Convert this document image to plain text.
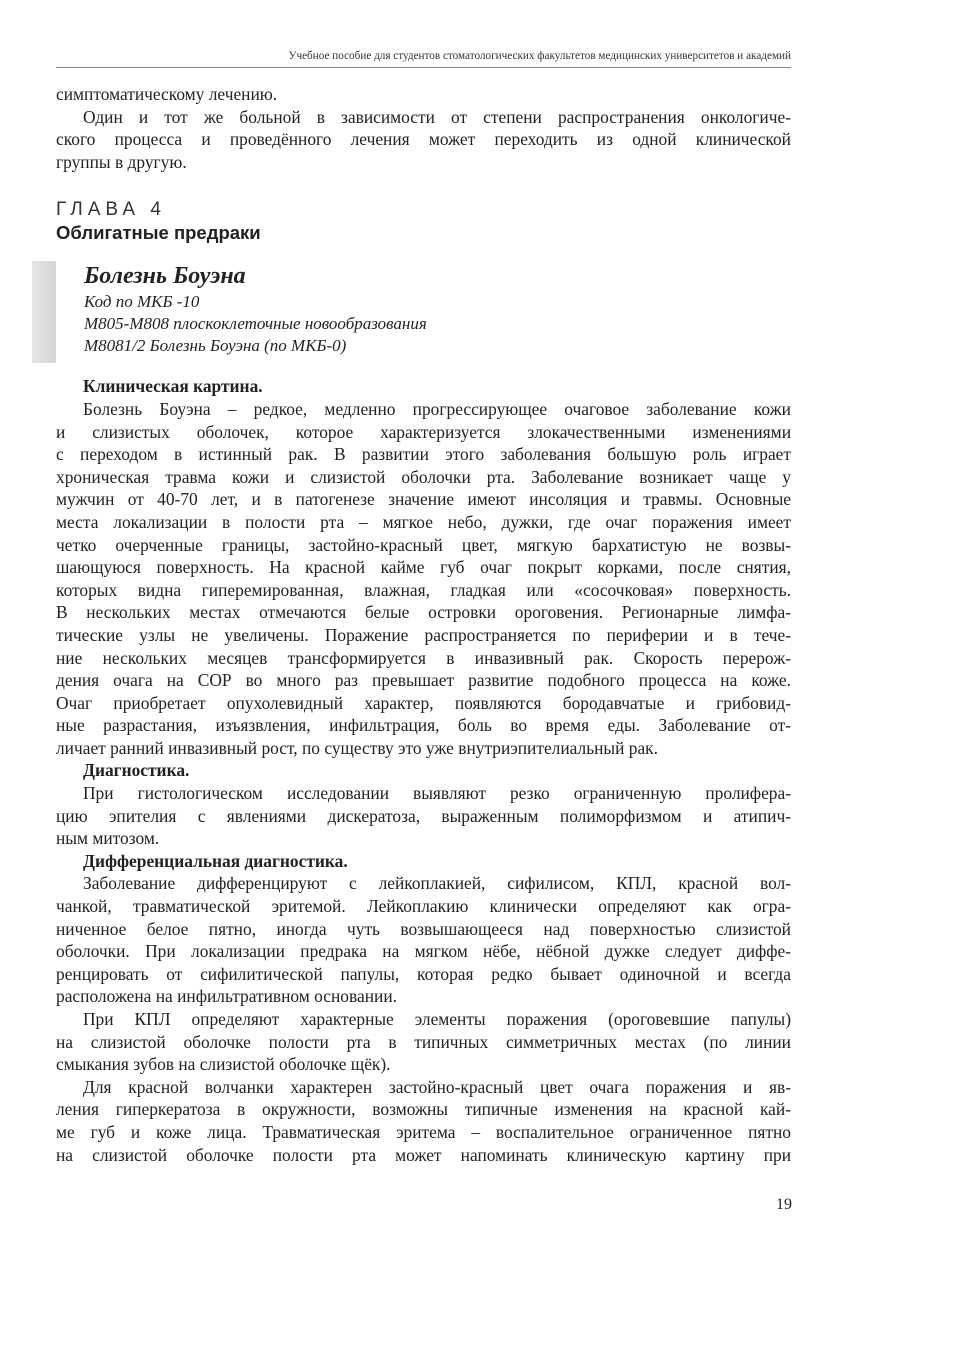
Учебное пособие для студентов стоматологических факультетов медицинских университетов и академий

симптоматическому лечению.

Один и тот же больной в зависимости от степени распространения онкологиче-
ского процесса и проведённого лечения может переходить из одной клинической
группы в другую.

ГЛАВА 4
Облигатные предраки
Болезнь Боуэна
Код по МКБ -10
M805-M808 плоскоклеточные новообразования
M8081/2 Болезнь Боуэна (по МКБ-0)
Клиническая картина.

Болезнь Боуэна – редкое, медленно прогрессирующее очаговое заболевание кожи
и слизистых оболочек, которое характеризуется злокачественными изменениями
с переходом в истинный рак. В развитии этого заболевания большую роль играет
хроническая травма кожи и слизистой оболочки рта. Заболевание возникает чаще у
мужчин от 40-70 лет, и в патогенезе значение имеют инсоляция и травмы. Основные
места локализации в полости рта – мягкое небо, дужки, где очаг поражения имеет
четко очерченные границы, застойно-красный цвет, мягкую бархатистую не возвы-
шающуюся поверхность. На красной кайме губ очаг покрыт корками, после снятия,
которых видна гиперемированная, влажная, гладкая или «сосочковая» поверхность.
В нескольких местах отмечаются белые островки ороговения. Регионарные лимфа-
тические узлы не увеличены. Поражение распространяется по периферии и в тече-
ние нескольких месяцев трансформируется в инвазивный рак. Скорость перерож-
дения очага на СОР во много раз превышает развитие подобного процесса на коже.
Очаг приобретает опухолевидный характер, появляются бородавчатые и грибовид-
ные разрастания, изъязвления, инфильтрация, боль во время еды. Заболевание от-
личает ранний инвазивный рост, по существу это уже внутриэпителиальный рак.

Диагностика.

При гистологическом исследовании выявляют резко ограниченную пролифера-
цию эпителия с явлениями дискератоза, выраженным полиморфизмом и атипич-
ным митозом.

Дифференциальная диагностика.

Заболевание дифференцируют с лейкоплакией, сифилисом, КПЛ, красной вол-
чанкой, травматической эритемой. Лейкоплакию клинически определяют как огра-
ниченное белое пятно, иногда чуть возвышающееся над поверхностью слизистой
оболочки. При локализации предрака на мягком нёбе, нёбной дужке следует диффе-
ренцировать от сифилитической папулы, которая редко бывает одиночной и всегда
расположена на инфильтративном основании.

При КПЛ определяют характерные элементы поражения (ороговевшие папулы)
на слизистой оболочке полости рта в типичных симметричных местах (по линии
смыкания зубов на слизистой оболочке щёк).

Для красной волчанки характерен застойно-красный цвет очага поражения и яв-
ления гиперкератоза в окружности, возможны типичные изменения на красной кай-
ме губ и коже лица. Травматическая эритема – воспалительное ограниченное пятно
на слизистой оболочке полости рта может напоминать клиническую картину при

19
